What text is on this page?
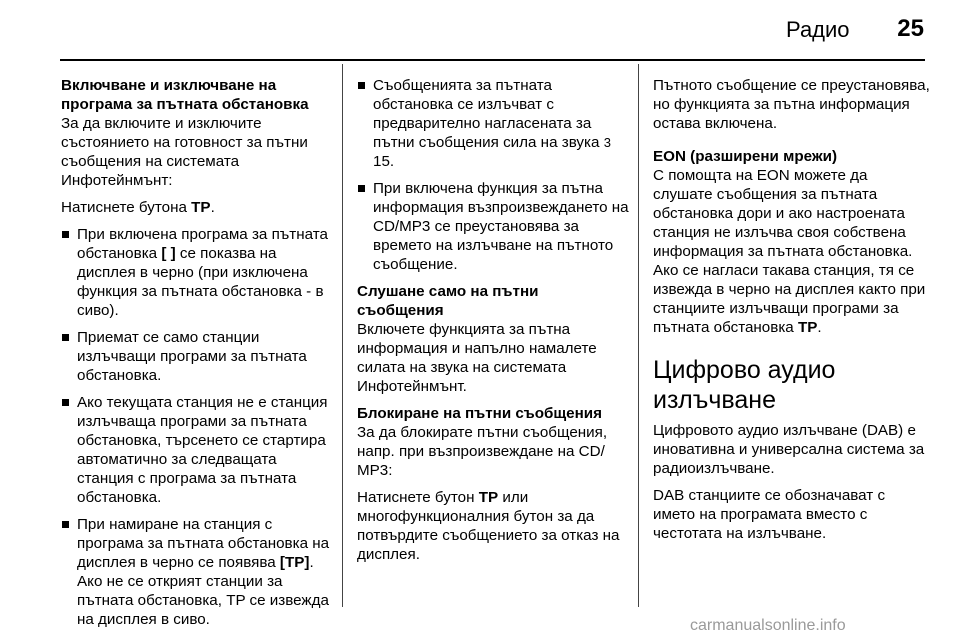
Радио 25

Включване и изключване на програма за пътната обстановка

За да включите и изключите състоянието на готовност за пътни съобщения на системата Инфотейнмънт:

Натиснете бутона TP.

При включена програма за пътната обстановка [ ] се показва на дисплея в черно (при изключена функция за пътната обстановка - в сиво).
Приемат се само станции излъчващи програми за пътната обстановка.
Ако текущата станция не е станция излъчваща програми за пътната обстановка, търсенето се стартира автоматично за следващата станция с програма за пътната обстановка.
При намиране на станция с програма за пътната обстановка на дисплея в черно се появява [TP]. Ако не се открият станции за пътната обстановка, TP се извежда на дисплея в сиво.
Съобщенията за пътната обстановка се излъчват с предварително нагласената за пътни съобщения сила на звука 3 15.
При включена функция за пътна информация възпроизвеждането на CD/MP3 се преустановява за времето на излъчване на пътното съобщение.

Слушане само на пътни съобщения

Включете функцията за пътна информация и напълно намалете силата на звука на системата Инфотейнмънт.

Блокиране на пътни съобщения

За да блокирате пътни съобщения, напр. при възпроизвеждане на CD/ MP3:

Натиснете бутон TP или многофункционалния бутон за да потвърдите съобщението за отказ на дисплея.

Пътното съобщение се преустановява, но функцията за пътна информация остава включена.

EON (разширени мрежи)

С помощта на EON можете да слушате съобщения за пътната обстановка дори и ако настроената станция не излъчва своя собствена информация за пътната обстановка. Ако се нагласи такава станция, тя се извежда в черно на дисплея както при станциите излъчващи програми за пътната обстановка TP.

Цифрово аудио излъчване

Цифровото аудио излъчване (DAB) е иновативна и универсална система за радиоизлъчване.

DAB станциите се обозначават с името на програмата вместо с честотата на излъчване.

carmanualsonline.info
